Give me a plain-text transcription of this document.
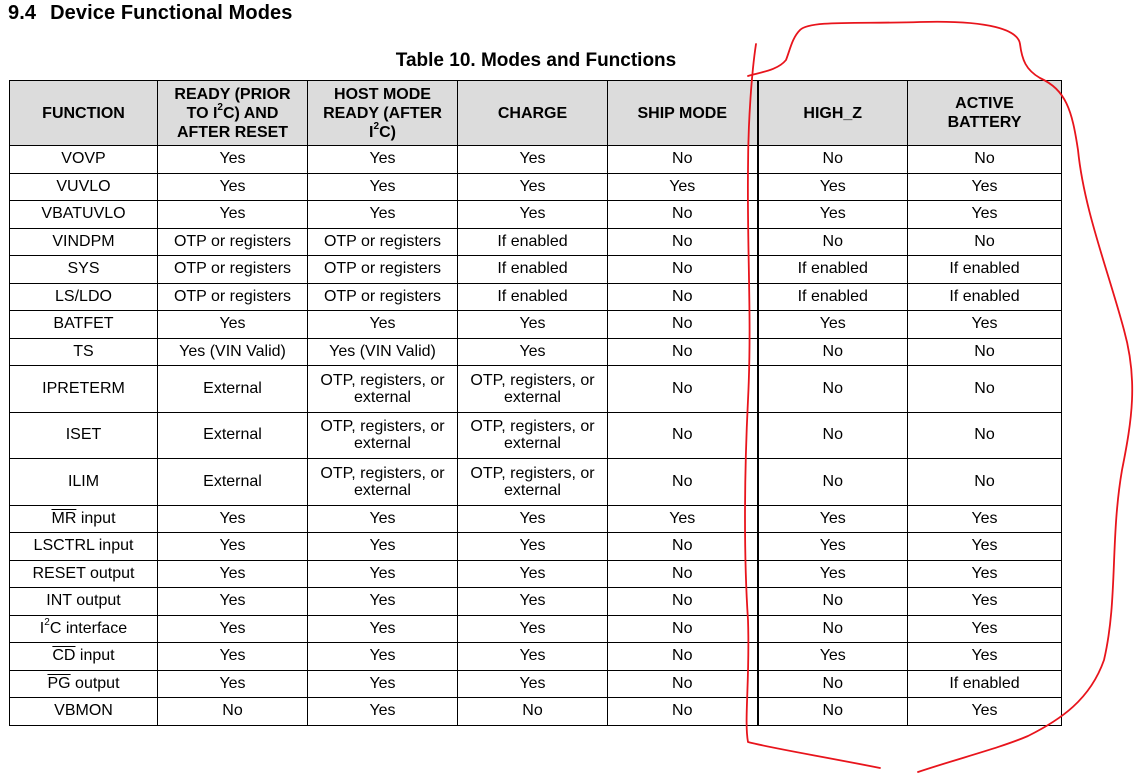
9.4 Device Functional Modes
Table 10. Modes and Functions
FUNCTION	READY (PRIOR
TO $I^2C$) AND
AFTER RESET	HOST MODE
READY (AFTER
$I^2C$)	CHARGE	SHIP MODE	HIGH_Z	ACTIVE
BATTERY
VOVP	Yes	Yes	Yes	No	No	No
VUVLO	Yes	Yes	Yes	Yes	Yes	Yes
VBATUVLO	Yes	Yes	Yes	No	Yes	Yes
VINDPM	OTP or registers	OTP or registers	If enabled	No	No	No
SYS	OTP or registers	OTP or registers	If enabled	No	If enabled	If enabled
LS/LDO	OTP or registers	OTP or registers	If enabled	No	If enabled	If enabled
BATFET	Yes	Yes	Yes	No	Yes	Yes
TS	Yes (VIN Valid)	Yes (VIN Valid)	Yes	No	No	No
IPRETERM	External	OTP, registers, or
external	OTP, registers, or
external	No	No	No
ISET	External	OTP, registers, or
external	OTP, registers, or
external	No	No	No
ILIM	External	OTP, registers, or
external	OTP, registers, or
external	No	No	No
$\overline{MR}$ input	Yes	Yes	Yes	Yes	Yes	Yes
LSCTRL input	Yes	Yes	Yes	No	Yes	Yes
RESET output	Yes	Yes	Yes	No	Yes	Yes
INT output	Yes	Yes	Yes	No	No	Yes
$I^2C$ interface	Yes	Yes	Yes	No	No	Yes
$\overline{CD}$ input	Yes	Yes	Yes	No	Yes	Yes
$\overline{PG}$ output	Yes	Yes	Yes	No	No	If enabled
VBMON	No	Yes	No	No	No	Yes
